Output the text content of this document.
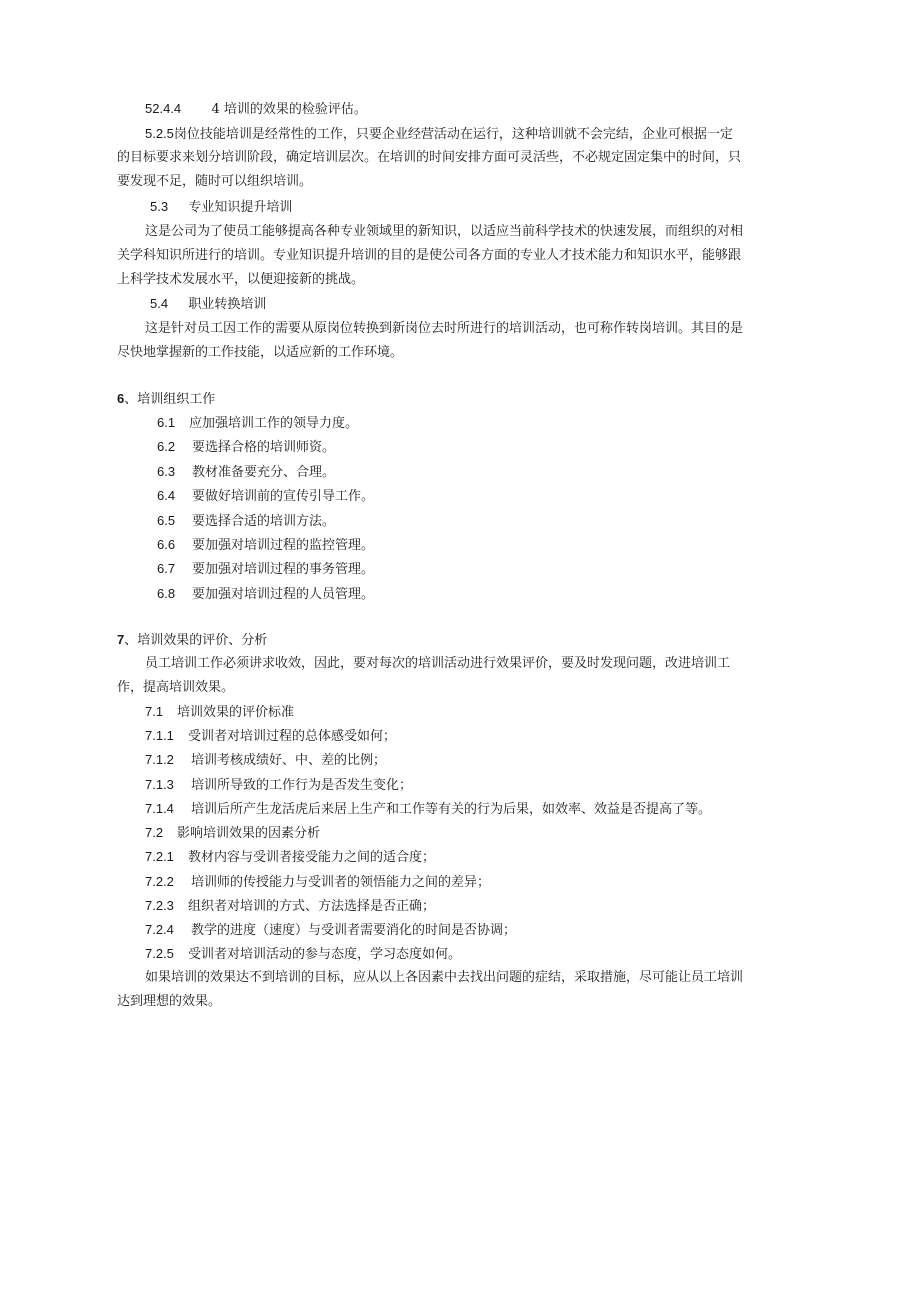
52.4.4 4 培训的效果的检验评估。
5.2.5岗位技能培训是经常性的工作，只要企业经营活动在运行，这种培训就不会完结，企业可根据一定
的目标要求来划分培训阶段，确定培训层次。在培训的时间安排方面可灵活些，不必规定固定集中的时间，只
要发现不足，随时可以组织培训。
5.3 专业知识提升培训
这是公司为了使员工能够提高各种专业领域里的新知识，以适应当前科学技术的快速发展，而组织的对相
关学科知识所进行的培训。专业知识提升培训的目的是使公司各方面的专业人才技术能力和知识水平，能够跟
上科学技术发展水平，以便迎接新的挑战。
5.4 职业转换培训
这是针对员工因工作的需要从原岗位转换到新岗位去时所进行的培训活动，也可称作转岗培训。其目的是
尽快地掌握新的工作技能，以适应新的工作环境。
6、培训组织工作
6.1 应加强培训工作的领导力度。
6.2 要选择合格的培训师资。
6.3 教材准备要充分、合理。
6.4 要做好培训前的宣传引导工作。
6.5 要选择合适的培训方法。
6.6 要加强对培训过程的监控管理。
6.7 要加强对培训过程的事务管理。
6.8 要加强对培训过程的人员管理。
7、培训效果的评价、分析
员工培训工作必须讲求收效，因此，要对每次的培训活动进行效果评价，要及时发现问题，改进培训工
作，提高培训效果。
7.1 培训效果的评价标准
7.1.1 受训者对培训过程的总体感受如何；
7.1.2 培训考核成绩好、中、差的比例；
7.1.3 培训所导致的工作行为是否发生变化；
7.1.4 培训后所产生龙活虎后来居上生产和工作等有关的行为后果，如效率、效益是否提高了等。
7.2 影响培训效果的因素分析
7.2.1 教材内容与受训者接受能力之间的适合度；
7.2.2 培训师的传授能力与受训者的领悟能力之间的差异；
7.2.3 组织者对培训的方式、方法选择是否正确；
7.2.4 教学的进度（速度）与受训者需要消化的时间是否协调；
7.2.5 受训者对培训活动的参与态度，学习态度如何。
如果培训的效果达不到培训的目标，应从以上各因素中去找出问题的症结，采取措施，尽可能让员工培训
达到理想的效果。
